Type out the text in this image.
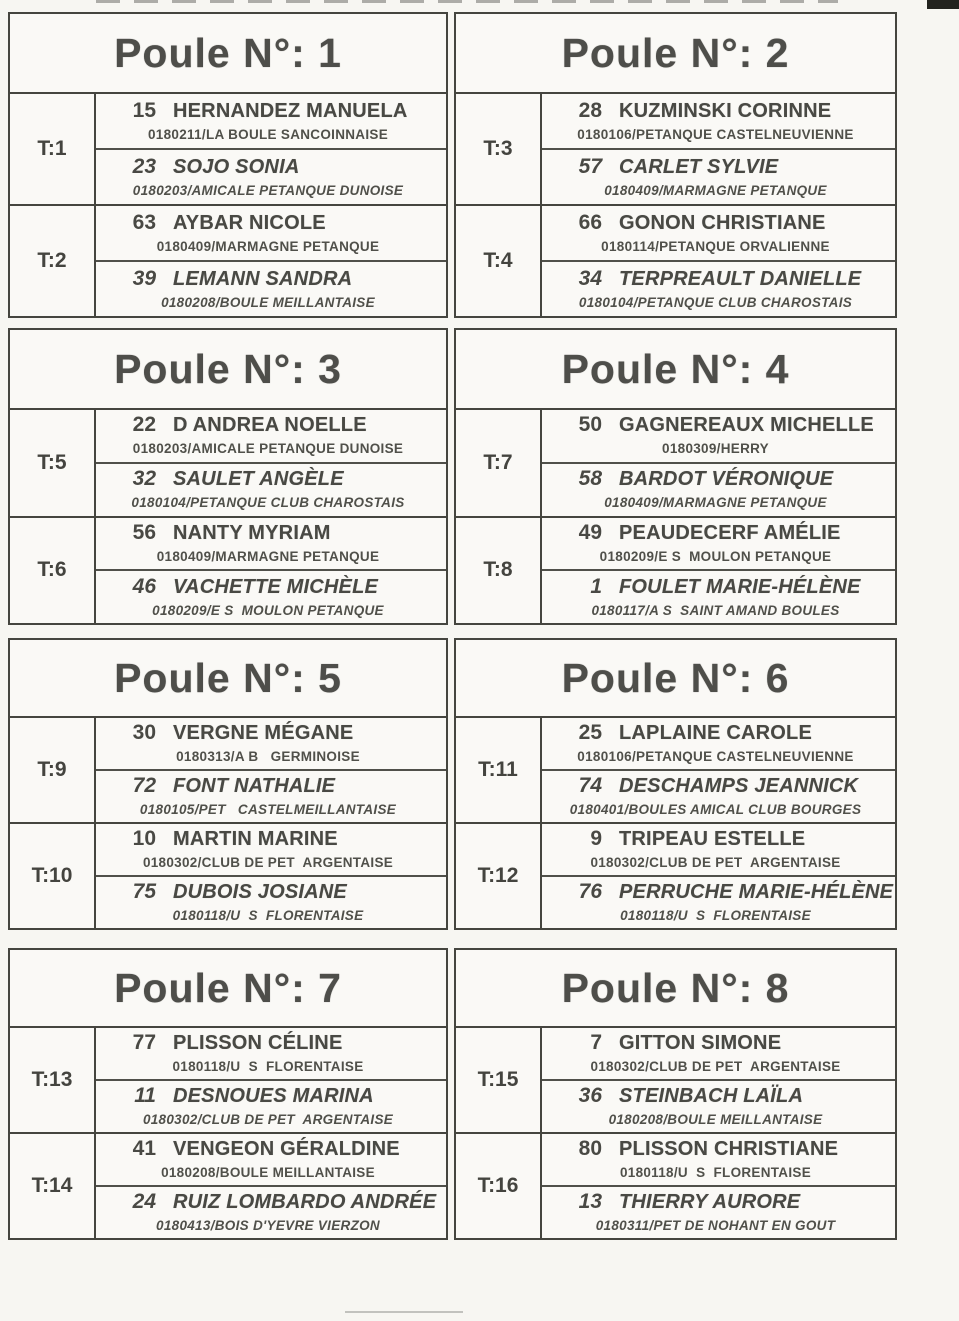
Poule N°: 1
T:1
15 HERNANDEZ MANUELA
0180211/LA BOULE SANCOINNAISE
23 SOJO SONIA
0180203/AMICALE PETANQUE DUNOISE
T:2
63 AYBAR NICOLE
0180409/MARMAGNE PETANQUE
39 LEMANN SANDRA
0180208/BOULE MEILLANTAISE
Poule N°: 2
T:3
28 KUZMINSKI CORINNE
0180106/PETANQUE CASTELNEUVIENNE
57 CARLET SYLVIE
0180409/MARMAGNE PETANQUE
T:4
66 GONON CHRISTIANE
0180114/PETANQUE ORVALIENNE
34 TERPREAULT DANIELLE
0180104/PETANQUE CLUB CHAROSTAIS
Poule N°: 3
T:5
22 D ANDREA NOELLE
0180203/AMICALE PETANQUE DUNOISE
32 SAULET ANGÈLE
0180104/PETANQUE CLUB CHAROSTAIS
T:6
56 NANTY MYRIAM
0180409/MARMAGNE PETANQUE
46 VACHETTE MICHÈLE
0180209/E S  MOULON PETANQUE
Poule N°: 4
T:7
50 GAGNEREAUX MICHELLE
0180309/HERRY
58 BARDOT VÉRONIQUE
0180409/MARMAGNE PETANQUE
T:8
49 PEAUDECERF AMÉLIE
0180209/E S  MOULON PETANQUE
1 FOULET MARIE-HÉLÈNE
0180117/A S  SAINT AMAND BOULES
Poule N°: 5
T:9
30 VERGNE MÉGANE
0180313/A B   GERMINOISE
72 FONT NATHALIE
0180105/PET   CASTELMEILLANTAISE
T:10
10 MARTIN MARINE
0180302/CLUB DE PET  ARGENTAISE
75 DUBOIS JOSIANE
0180118/U  S  FLORENTAISE
Poule N°: 6
T:11
25 LAPLAINE CAROLE
0180106/PETANQUE CASTELNEUVIENNE
74 DESCHAMPS JEANNICK
0180401/BOULES AMICAL CLUB BOURGES
T:12
9 TRIPEAU ESTELLE
0180302/CLUB DE PET  ARGENTAISE
76 PERRUCHE MARIE-HÉLÈNE
0180118/U  S  FLORENTAISE
Poule N°: 7
T:13
77 PLISSON CÉLINE
0180118/U  S  FLORENTAISE
11 DESNOUES MARINA
0180302/CLUB DE PET  ARGENTAISE
T:14
41 VENGEON GÉRALDINE
0180208/BOULE MEILLANTAISE
24 RUIZ LOMBARDO ANDRÉE
0180413/BOIS D'YEVRE VIERZON
Poule N°: 8
T:15
7 GITTON SIMONE
0180302/CLUB DE PET  ARGENTAISE
36 STEINBACH LAÏLA
0180208/BOULE MEILLANTAISE
T:16
80 PLISSON CHRISTIANE
0180118/U  S  FLORENTAISE
13 THIERRY AURORE
0180311/PET DE NOHANT EN GOUT
